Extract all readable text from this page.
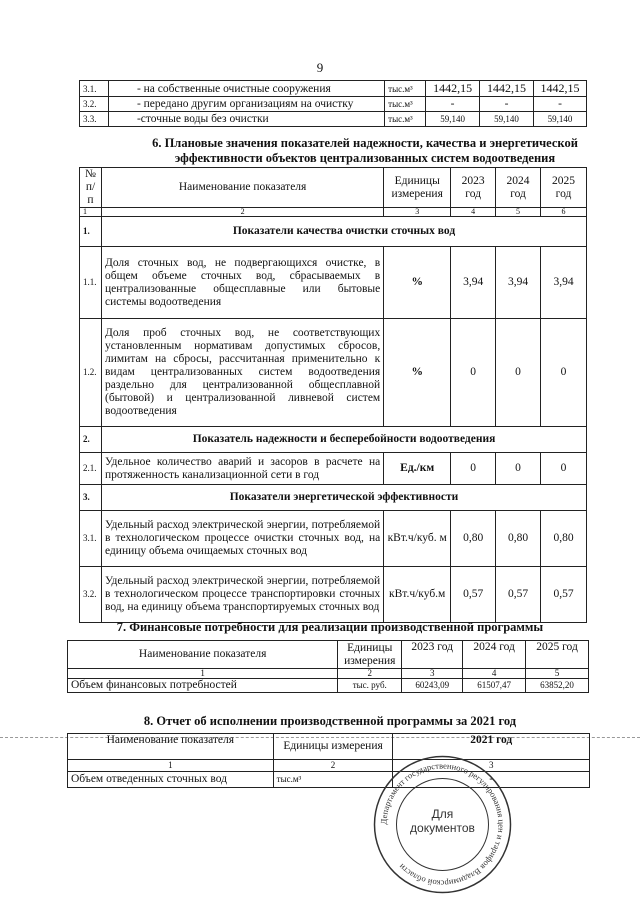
9
3.1.	- на собственные очистные сооружения	тыс.м³	1442,15	1442,15	1442,15
3.2.	- передано другим организациям на очистку	тыс.м³	-	-	-
3.3.	-сточные воды без очистки	тыс.м³	59,140	59,140	59,140
6. Плановые значения показателей надежности, качества и энергетической
эффективности объектов централизованных систем водоотведения
№ п/п	Наименование показателя	Единицы измерения	2023 год	2024 год	2025 год
1	2	3	4	5	6
1.	Показатели качества очистки сточных вод				
1.1.	Доля сточных вод, не подвергающихся очистке, в общем объеме сточных вод, сбрасываемых в централизованные общесплавные или бытовые системы водоотведения	%	3,94	3,94	3,94
1.2.	Доля проб сточных вод, не соответствующих установленным нормативам допустимых сбросов, лимитам на сбросы, рассчитанная применительно к видам централизованных систем водоотведения раздельно для централизованной общесплавной (бытовой) и централизованной ливневой систем водоотведения	%	0	0	0
2.	Показатель надежности и бесперебойности водоотведения				
2.1.	Удельное количество аварий и засоров в расчете на протяженность канализационной сети в год	Ед./км	0	0	0
3.	Показатели энергетической эффективности				
3.1.	Удельный расход электрической энергии, потребляемой в технологическом процессе очистки сточных вод, на единицу объема очищаемых сточных вод	кВт.ч/куб. м	0,80	0,80	0,80
3.2.	Удельный расход электрической энергии, потребляемой в технологическом процессе транспортировки сточных вод, на единицу объема транспортируемых сточных вод	кВт.ч/куб.м	0,57	0,57	0,57
7. Финансовые потребности для реализации производственной программы
Наименование показателя	Единицы измерения	2023 год	2024 год	2025 год
1	2	3	4	5
Объем финансовых потребностей	тыс. руб.	60243,09	61507,47	63852,20
8. Отчет об исполнении производственной программы за 2021 год
Наименование показателя	Единицы измерения	2021 год
1	2	3
Объем отведенных сточных вод	тыс.м³	-
Департамент государственного регулирования цен и тарифов Владимирской области
Для документов
